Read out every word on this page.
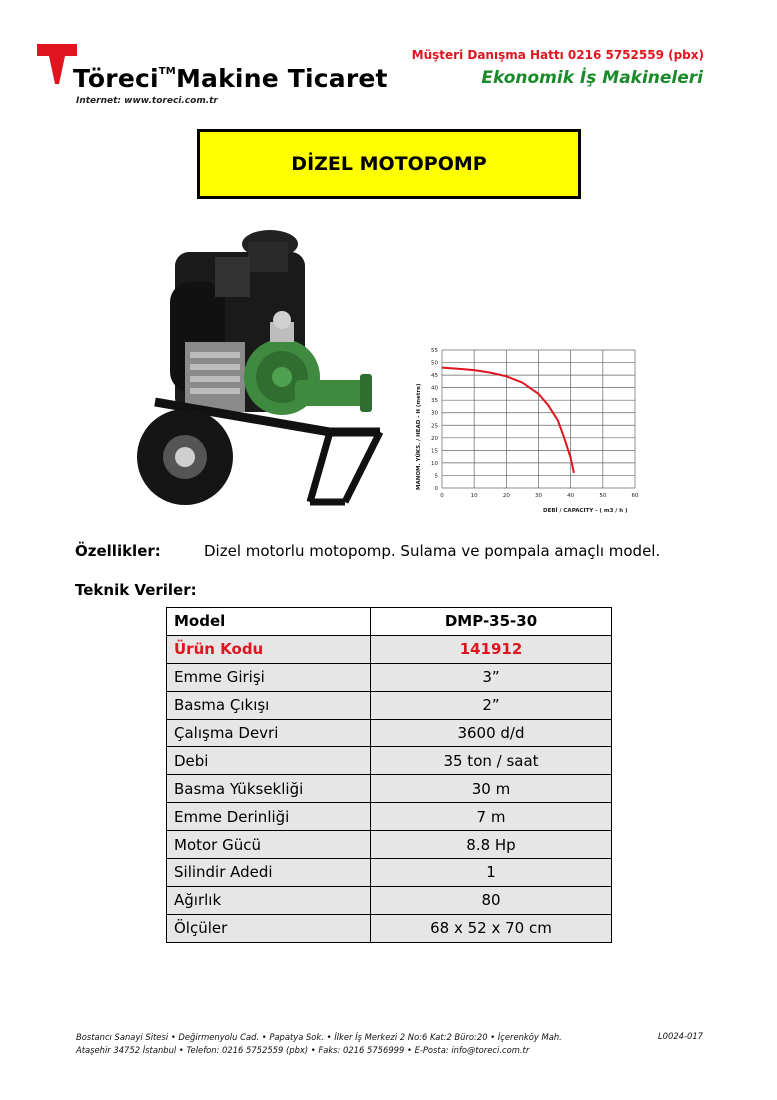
Töreci™Makine Ticaret
Internet: www.toreci.com.tr
Müşteri Danışma Hattı 0216 5752559 (pbx)
Ekonomik İş Makineleri
DİZEL MOTOPOMP
0
5
10
15
20
25
30
35
40
45
50
55
0	10	20	30	40	50	60
MANOM. YÜKS. / HEAD - H (metre)
DEBİ / CAPACITY - ( m3 / h )
Özellikler:	Dizel motorlu motopomp. Sulama ve pompala amaçlı model.
Teknik Veriler:
Model	DMP-35-30
Ürün Kodu	141912
Emme Girişi	3”
Basma Çıkışı	2”
Çalışma Devri	3600 d/d
Debi	35 ton / saat
Basma Yüksekliği	30 m
Emme Derinliği	7 m
Motor Gücü	8.8 Hp
Silindir Adedi	1
Ağırlık	80
Ölçüler	68 x 52 x 70 cm
Bostancı Sanayi Sitesi • Değirmenyolu Cad. • Papatya Sok. • İlker İş Merkezi 2 No:6 Kat:2 Büro:20 • İçerenköy Mah.
Ataşehir 34752 İstanbul • Telefon: 0216 5752559 (pbx) • Faks: 0216 5756999 • E-Posta: info@toreci.com.tr
L0024-017
